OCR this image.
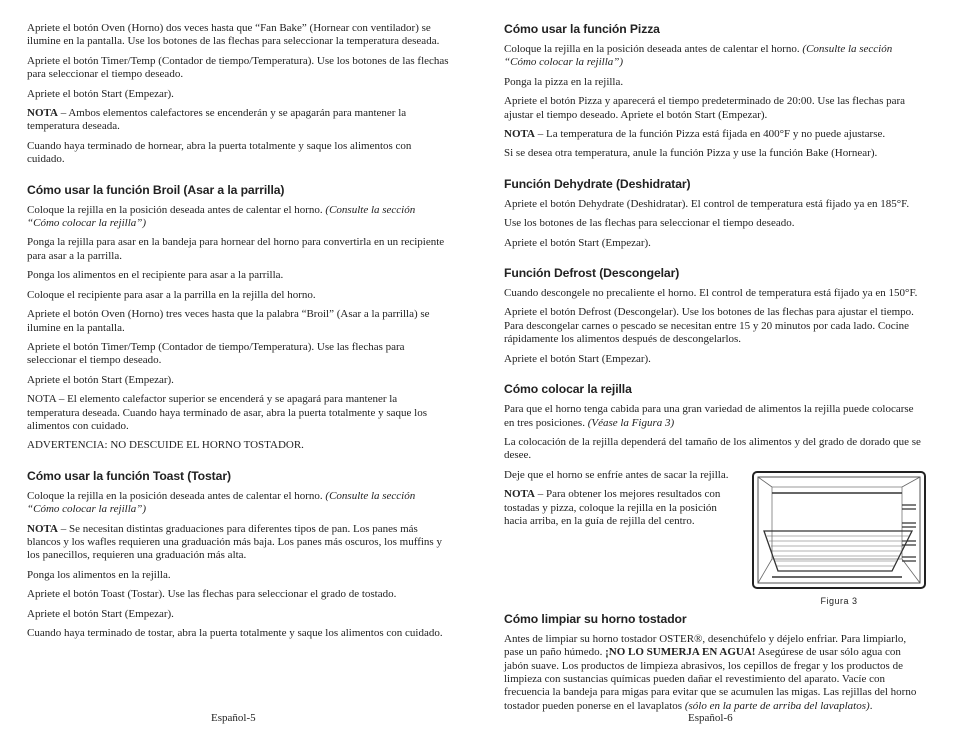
Apriete el botón Oven (Horno) dos veces hasta que “Fan Bake” (Hornear con ventilador) se ilumine en la pantalla. Use los botones de las flechas para seleccionar la temperatura deseada.

Apriete el botón Timer/Temp (Contador de tiempo/Temperatura). Use los botones de las flechas para seleccionar el tiempo deseado.

Apriete el botón Start (Empezar).

NOTA – Ambos elementos calefactores se encenderán y se apagarán para mantener la temperatura deseada.

Cuando haya terminado de hornear, abra la puerta totalmente y saque los alimentos con cuidado.

Cómo usar la función Broil (Asar a la parrilla)

Coloque la rejilla en la posición deseada antes de calentar el horno. (Consulte la sección “Cómo colocar la rejilla”)

Ponga la rejilla para asar en la bandeja para hornear del horno para convertirla en un recipiente para asar a la parrilla.

Ponga los alimentos en el recipiente para asar a la parrilla.

Coloque el recipiente para asar a la parrilla en la rejilla del horno.

Apriete el botón Oven (Horno) tres veces hasta que la palabra “Broil” (Asar a la parrilla) se ilumine en la pantalla.

Apriete el botón Timer/Temp (Contador de tiempo/Temperatura). Use las flechas para seleccionar el tiempo deseado.

Apriete el botón Start (Empezar).

NOTA – El elemento calefactor superior se encenderá y se apagará para mantener la temperatura deseada. Cuando haya terminado de asar, abra la puerta totalmente y saque los alimentos con cuidado.

ADVERTENCIA: NO DESCUIDE EL HORNO TOSTADOR.

Cómo usar la función Toast (Tostar)

Coloque la rejilla en la posición deseada antes de calentar el horno. (Consulte la sección “Cómo colocar la rejilla”)

NOTA – Se necesitan distintas graduaciones para diferentes tipos de pan. Los panes más blancos y los wafles requieren una graduación más baja. Los panes más oscuros, los muffins y los panecillos, requieren una graduación más alta.

Ponga los alimentos en la rejilla.

Apriete el botón Toast (Tostar). Use las flechas para seleccionar el grado de tostado.

Apriete el botón Start (Empezar).

Cuando haya terminado de tostar, abra la puerta totalmente y saque los alimentos con cuidado.

Español-5
Cómo usar la función Pizza

Coloque la rejilla en la posición deseada antes de calentar el horno. (Consulte la sección “Cómo colocar la rejilla”)

Ponga la pizza en la rejilla.

Apriete el botón Pizza y aparecerá el tiempo predeterminado de 20:00. Use las flechas para ajustar el tiempo deseado. Apriete el botón Start (Empezar).

NOTA – La temperatura de la función Pizza está fijada en 400°F y no puede ajustarse.

Si se desea otra temperatura, anule la función Pizza y use la función Bake (Hornear).

Función Dehydrate (Deshidratar)

Apriete el botón Dehydrate (Deshidratar). El control de temperatura está fijado ya en 185°F.

Use los botones de las flechas para seleccionar el tiempo deseado.

Apriete el botón Start (Empezar).

Función Defrost (Descongelar)

Cuando descongele no precaliente el horno. El control de temperatura está fijado ya en 150°F.

Apriete el botón Defrost (Descongelar). Use los botones de las flechas para ajustar el tiempo. Para descongelar carnes o pescado se necesitan entre 15 y 20 minutos por cada lado. Cocine rápidamente los alimentos después de descongelarlos.

Apriete el botón Start (Empezar).

Cómo colocar la rejilla

Para que el horno tenga cabida para una gran variedad de alimentos la rejilla puede colocarse en tres posiciones. (Véase la Figura 3)

La colocación de la rejilla dependerá del tamaño de los alimentos y del grado de dorado que se desee.

Deje que el horno se enfríe antes de sacar la rejilla.

NOTA – Para obtener los mejores resultados con tostadas y pizza, coloque la rejilla en la posición hacia arriba, en la guía de rejilla del centro.

Figura 3
Cómo limpiar su horno tostador

Antes de limpiar su horno tostador OSTER®, desenchúfelo y déjelo enfriar. Para limpiarlo, pase un paño húmedo. ¡NO LO SUMERJA EN AGUA! Asegúrese de usar sólo agua con jabón suave. Los productos de limpieza abrasivos, los cepillos de fregar y los productos de limpieza con sustancias químicas pueden dañar el revestimiento del aparato. Vacíe con frecuencia la bandeja para migas para evitar que se acumulen las migas. Las rejillas del horno tostador pueden ponerse en el lavaplatos (sólo en la parte de arriba del lavaplatos).

Español-6
